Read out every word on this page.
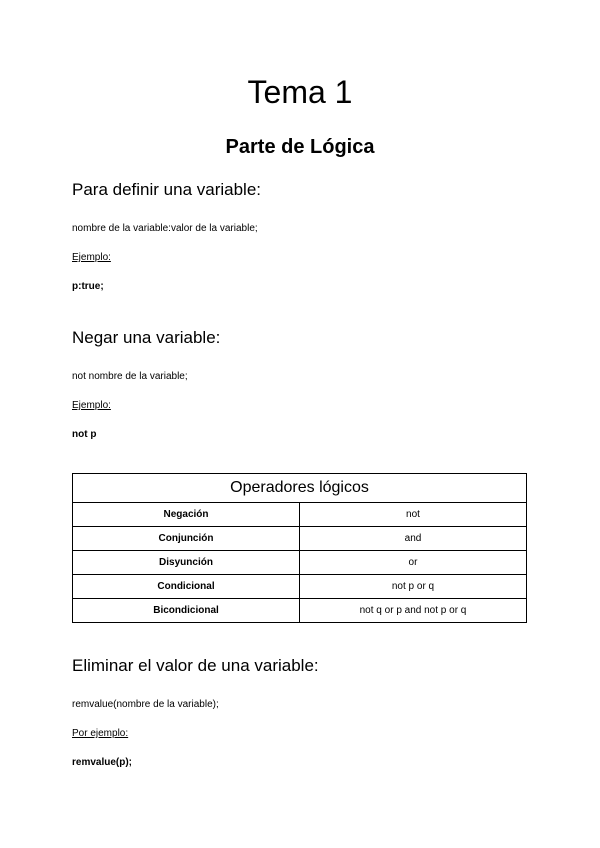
Tema 1
Parte de Lógica
Para definir una variable:

nombre de la variable:valor de la variable;

Ejemplo:

p:true;

Negar una variable:

not nombre de la variable;

Ejemplo:

not p

Operadores lógicos	
Negación	not
Conjunción	and
Disyunción	or
Condicional	not p or q
Bicondicional	not q or p and not p or q
Eliminar el valor de una variable:

remvalue(nombre de la variable);

Por ejemplo:

remvalue(p);
